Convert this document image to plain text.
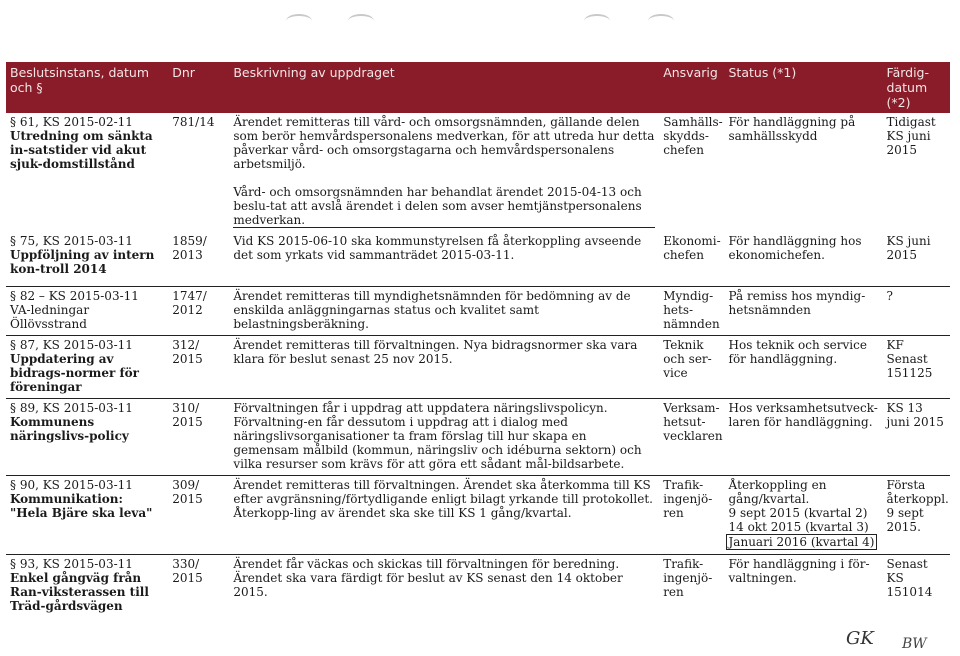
Beslutsinstans, datum och §	Dnr	Beskrivning av uppdraget	Ansvarig	Status (*1)	Färdig-datum (*2)

§ 61, KS 2015-02-11
Utredning om sänkta in-satstider vid akut sjuk-domstillstånd	781/14	Ärendet remitteras till vård- och omsorgsnämnden, gällande delen som berör hemvårdspersonalens medverkan, för att utreda hur detta påverkar vård- och omsorgstagarna och hemvårdspersonalens arbetsmiljö.
Vård- och omsorgsnämnden har behandlat ärendet 2015-04-13 och beslu-tat att avslå ärendet i delen som avser hemtjänstpersonalens medverkan.	Samhälls-skydds-chefen	För handläggning på samhällsskydd	Tidigast KS juni 2015

§ 75, KS 2015-03-11
Uppföljning av intern kon-troll 2014	1859/ 2013	Vid KS 2015-06-10 ska kommunstyrelsen få återkoppling avseende det som yrkats vid sammanträdet 2015-03-11.	Ekonomi-chefen	För handläggning hos ekonomichefen.	KS juni 2015

§ 82 – KS 2015-03-11
VA-ledningar Öllövsstrand	1747/ 2012	Ärendet remitteras till myndighetsnämnden för bedömning av de enskilda anläggningarnas status och kvalitet samt belastningsberäkning.	Myndig-hets-nämnden	På remiss hos myndig-hetsnämnden	?

§ 87, KS 2015-03-11
Uppdatering av bidrags-normer för föreningar	312/ 2015	Ärendet remitteras till förvaltningen. Nya bidragsnormer ska vara klara för beslut senast 25 nov 2015.	Teknik och ser-vice	Hos teknik och service för handläggning.	KF Senast 151125

§ 89, KS 2015-03-11
Kommunens näringslivs-policy	310/ 2015	Förvaltningen får i uppdrag att uppdatera näringslivspolicyn. Förvaltning-en får dessutom i uppdrag att i dialog med näringslivsorganisationer ta fram förslag till hur skapa en gemensam målbild (kommun, näringsliv och idéburna sektorn) och vilka resurser som krävs för att göra ett sådant mål-bildsarbete.	Verksam-hetsut-vecklaren	Hos verksamhetsutveck-laren för handläggning.	KS 13 juni 2015

§ 90, KS 2015-03-11
Kommunikation: "Hela Bjäre ska leva"	309/ 2015	Ärendet remitteras till förvaltningen. Ärendet ska återkomma till KS efter avgränsning/förtydligande enligt bilagt yrkande till protokollet. Återkopp-ling av ärendet ska ske till KS 1 gång/kvartal.	Trafik-ingenjö-ren	Återkoppling en gång/kvartal.
9 sept 2015 (kvartal 2)
14 okt 2015 (kvartal 3)
Januari 2016 (kvartal 4)	Första återkoppl. 9 sept 2015.

§ 93, KS 2015-03-11
Enkel gångväg från Ran-viksterassen till Träd-gårdsvägen	330/ 2015	Ärendet får väckas och skickas till förvaltningen för beredning. Ärendet ska vara färdigt för beslut av KS senast den 14 oktober 2015.	Trafik-ingenjö-ren	För handläggning i för-valtningen.	Senast KS 151014
GK BW
